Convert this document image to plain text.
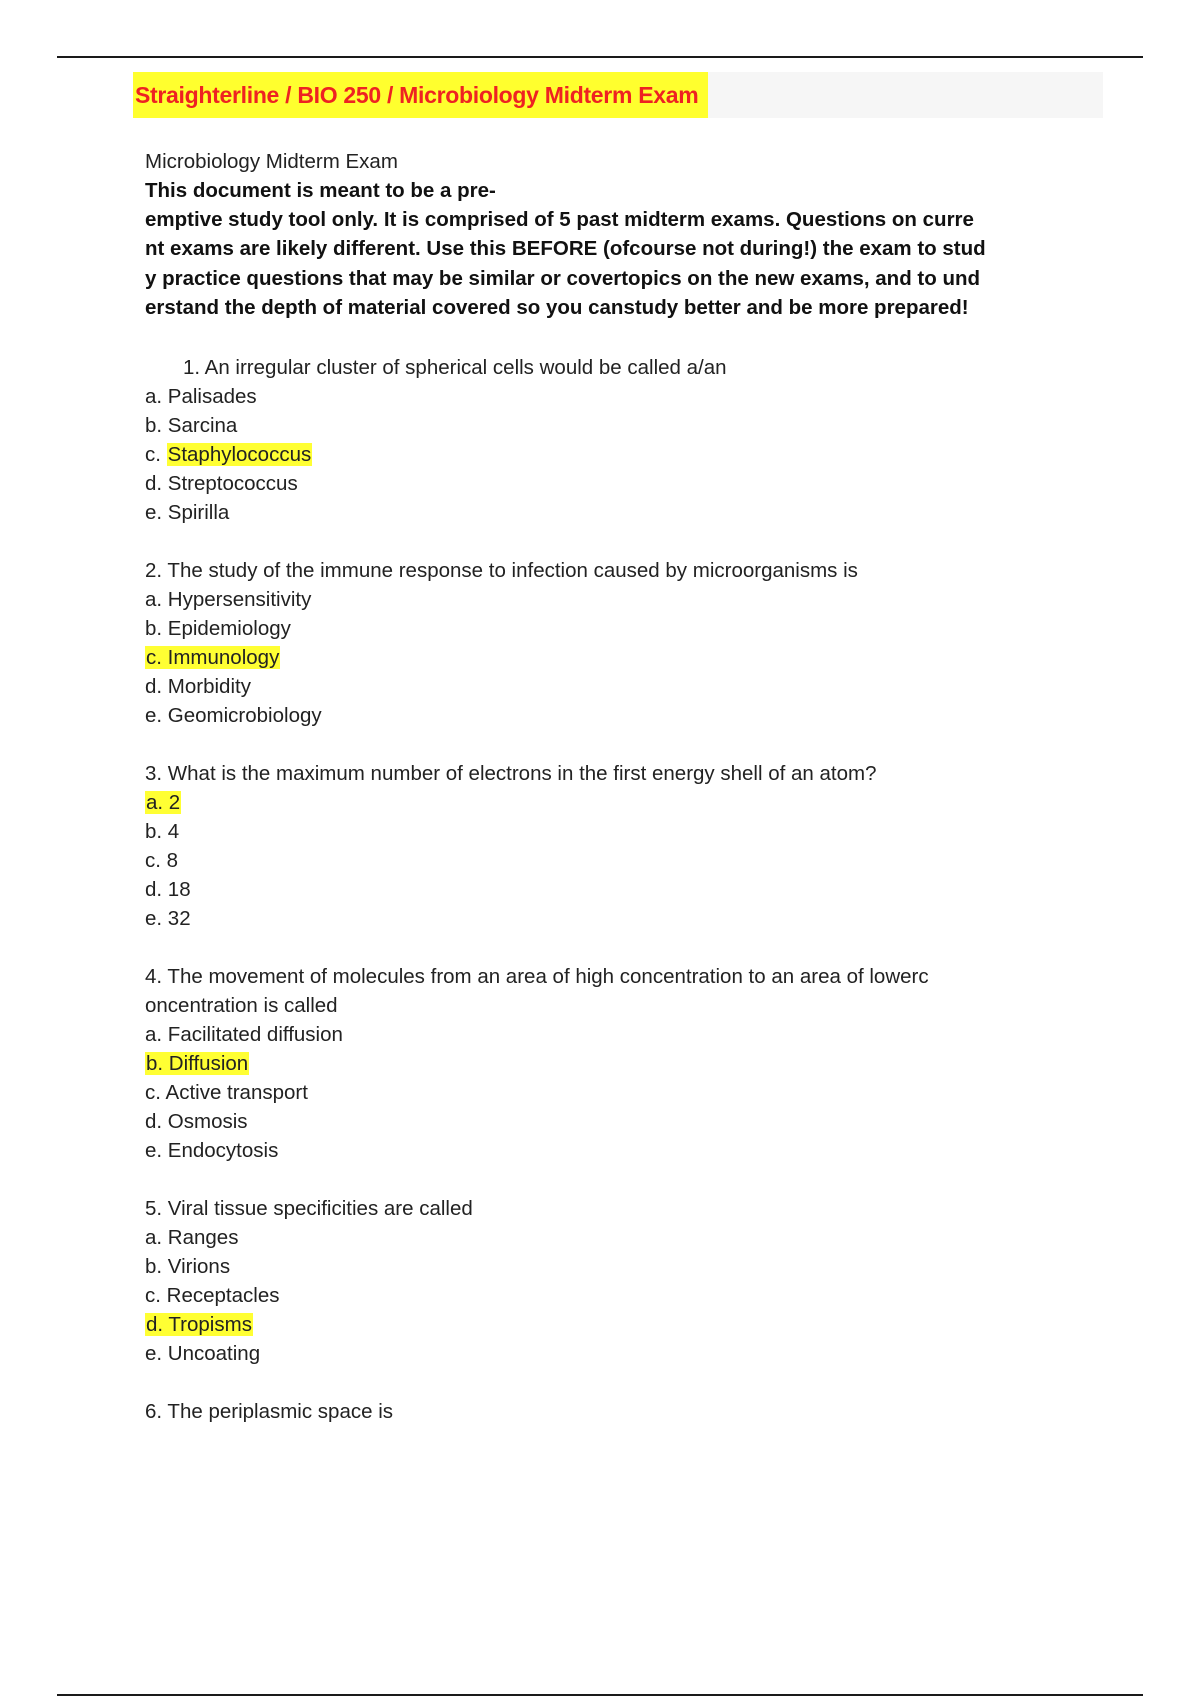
Straighterline / BIO 250 / Microbiology Midterm Exam
Microbiology Midterm Exam
This document is meant to be a pre-
emptive study tool only. It is comprised of 5 past midterm exams. Questions on curre
nt exams are likely different. Use this BEFORE (ofcourse not during!) the exam to stud
y practice questions that may be similar or covertopics on the new exams, and to und
erstand the depth of material covered so you canstudy better and be more prepared!
1. An irregular cluster of spherical cells would be called a/an
a. Palisades
b. Sarcina
c. Staphylococcus
d. Streptococcus
e. Spirilla
2. The study of the immune response to infection caused by microorganisms is
a. Hypersensitivity
b. Epidemiology
c. Immunology
d. Morbidity
e. Geomicrobiology
3. What is the maximum number of electrons in the first energy shell of an atom?
a. 2
b. 4
c. 8
d. 18
e. 32
4. The movement of molecules from an area of high concentration to an area of lowerc
oncentration is called
a. Facilitated diffusion
b. Diffusion
c. Active transport
d. Osmosis
e. Endocytosis
5. Viral tissue specificities are called
a. Ranges
b. Virions
c. Receptacles
d. Tropisms
e. Uncoating
6. The periplasmic space is
